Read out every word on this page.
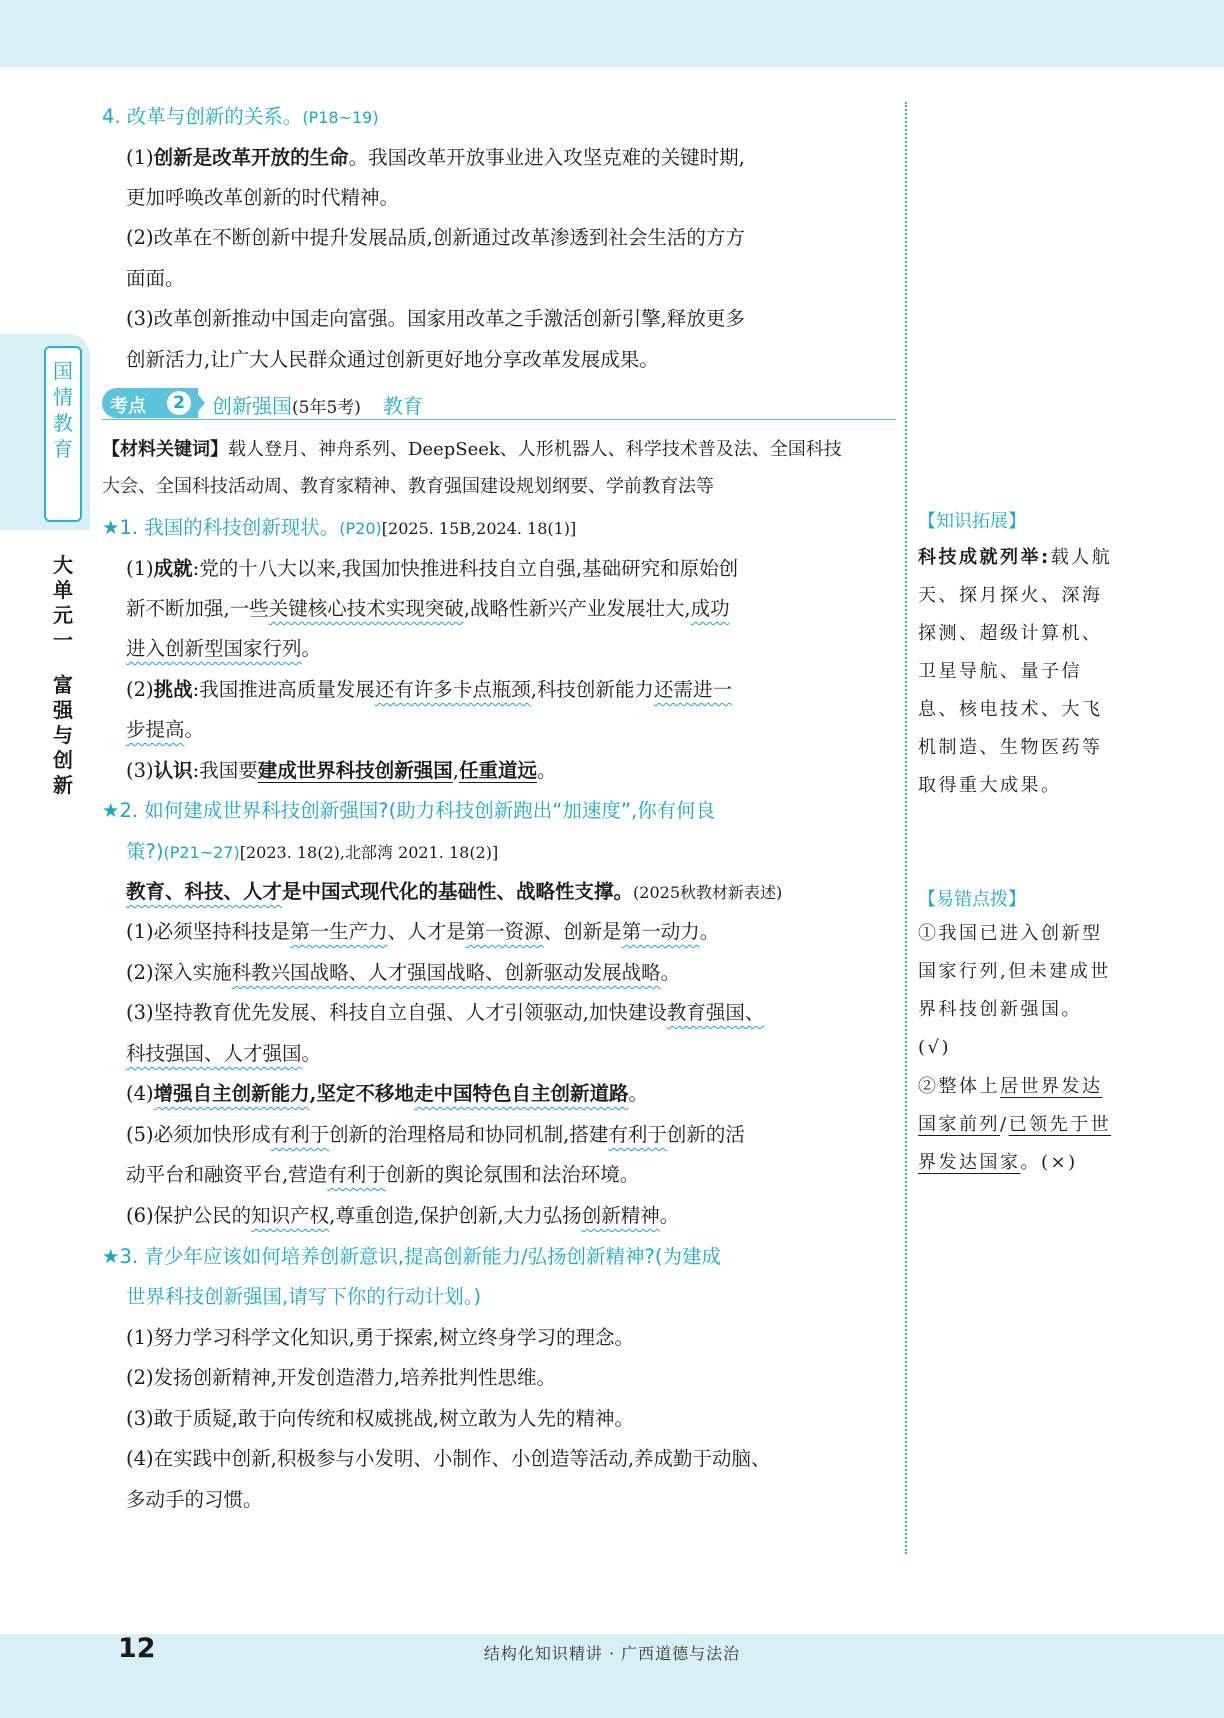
国
情
教
育
大
单
元
一
富
强
与
创
新
4. 改革与创新的关系。(P18~19)
(1)创新是改革开放的生命。我国改革开放事业进入攻坚克难的关键时期,
更加呼唤改革创新的时代精神。
(2)改革在不断创新中提升发展品质,创新通过改革渗透到社会生活的方方
面面。
(3)改革创新推动中国走向富强。国家用改革之手激活创新引擎,释放更多
创新活力,让广大人民群众通过创新更好地分享改革发展成果。
考点	2	创新强国(5年5考) 教育
【材料关键词】载人登月、神舟系列、DeepSeek、人形机器人、科学技术普及法、全国科技
大会、全国科技活动周、教育家精神、教育强国建设规划纲要、学前教育法等
★1. 我国的科技创新现状。(P20)[2025. 15B,2024. 18(1)]
(1)成就:党的十八大以来,我国加快推进科技自立自强,基础研究和原始创
新不断加强,一些关键核心技术实现突破,战略性新兴产业发展壮大,成功
进入创新型国家行列。
(2)挑战:我国推进高质量发展还有许多卡点瓶颈,科技创新能力还需进一
步提高。
(3)认识:我国要建成世界科技创新强国,任重道远。
★2. 如何建成世界科技创新强国?(助力科技创新跑出“加速度”,你有何良
策?)(P21~27)[2023. 18(2),北部湾 2021. 18(2)]
教育、科技、人才是中国式现代化的基础性、战略性支撑。(2025秋教材新表述)
(1)必须坚持科技是第一生产力、人才是第一资源、创新是第一动力。
(2)深入实施科教兴国战略、人才强国战略、创新驱动发展战略。
(3)坚持教育优先发展、科技自立自强、人才引领驱动,加快建设教育强国、
科技强国、人才强国。
(4)增强自主创新能力,坚定不移地走中国特色自主创新道路。
(5)必须加快形成有利于创新的治理格局和协同机制,搭建有利于创新的活
动平台和融资平台,营造有利于创新的舆论氛围和法治环境。
(6)保护公民的知识产权,尊重创造,保护创新,大力弘扬创新精神。
★3. 青少年应该如何培养创新意识,提高创新能力/弘扬创新精神?(为建成
世界科技创新强国,请写下你的行动计划。)
(1)努力学习科学文化知识,勇于探索,树立终身学习的理念。
(2)发扬创新精神,开发创造潜力,培养批判性思维。
(3)敢于质疑,敢于向传统和权威挑战,树立敢为人先的精神。
(4)在实践中创新,积极参与小发明、小制作、小创造等活动,养成勤于动脑、
多动手的习惯。
【知识拓展】
科技成就列举:载人航天、探月探火、深海探测、超级计算机、卫星导航、量子信息、核电技术、大飞机制造、生物医药等取得重大成果。
【易错点拨】
①我国已进入创新型国家行列,但未建成世界科技创新强国。(√)
②整体上居世界发达国家前列/已领先于世界发达国家。(×)
12	结构化知识精讲 · 广西道德与法治
